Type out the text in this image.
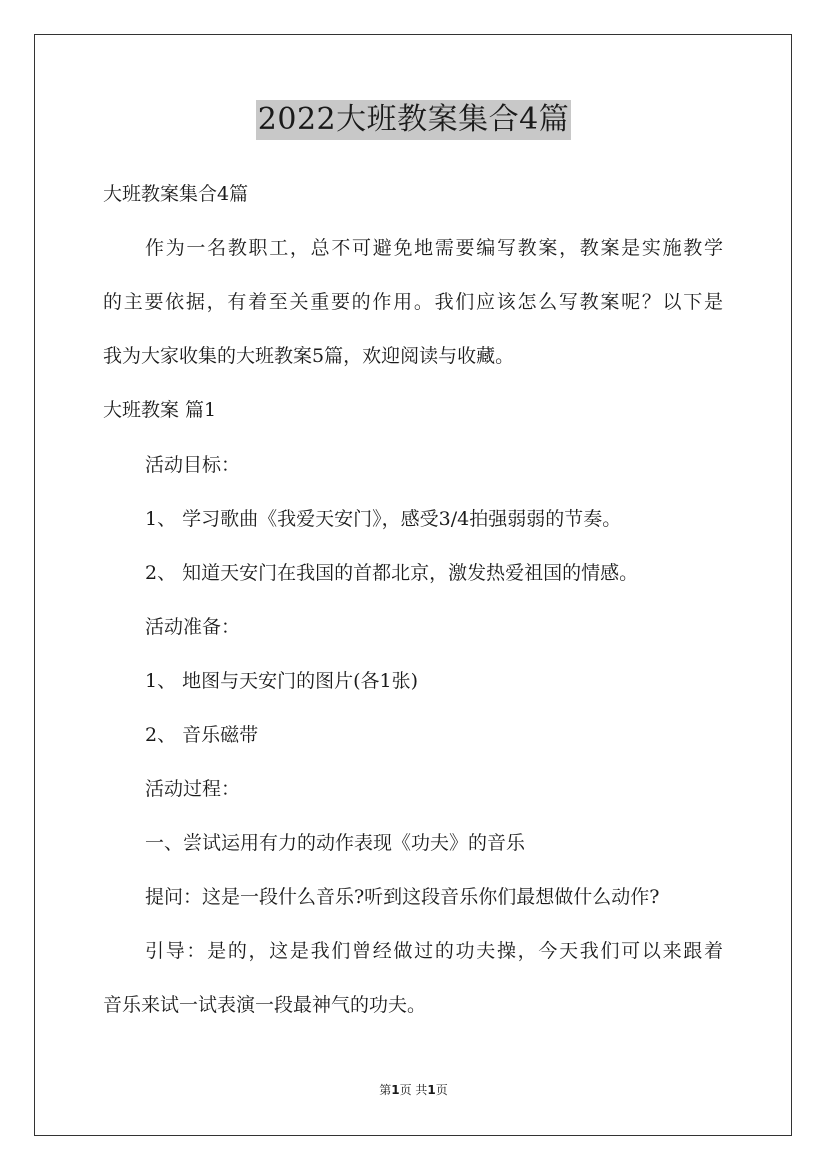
2022大班教案集合4篇
大班教案集合4篇
作为一名教职工，总不可避免地需要编写教案，教案是实施教学
的主要依据，有着至关重要的作用。我们应该怎么写教案呢？以下是
我为大家收集的大班教案5篇，欢迎阅读与收藏。
大班教案 篇1
活动目标：
1、 学习歌曲《我爱天安门》，感受3/4拍强弱弱的节奏。
2、 知道天安门在我国的首都北京，激发热爱祖国的情感。
活动准备：
1、 地图与天安门的图片(各1张)
2、 音乐磁带
活动过程：
一、尝试运用有力的动作表现《功夫》的音乐
提问：这是一段什么音乐?听到这段音乐你们最想做什么动作?
引导：是的，这是我们曾经做过的功夫操，今天我们可以来跟着
音乐来试一试表演一段最神气的功夫。
第1页 共1页
